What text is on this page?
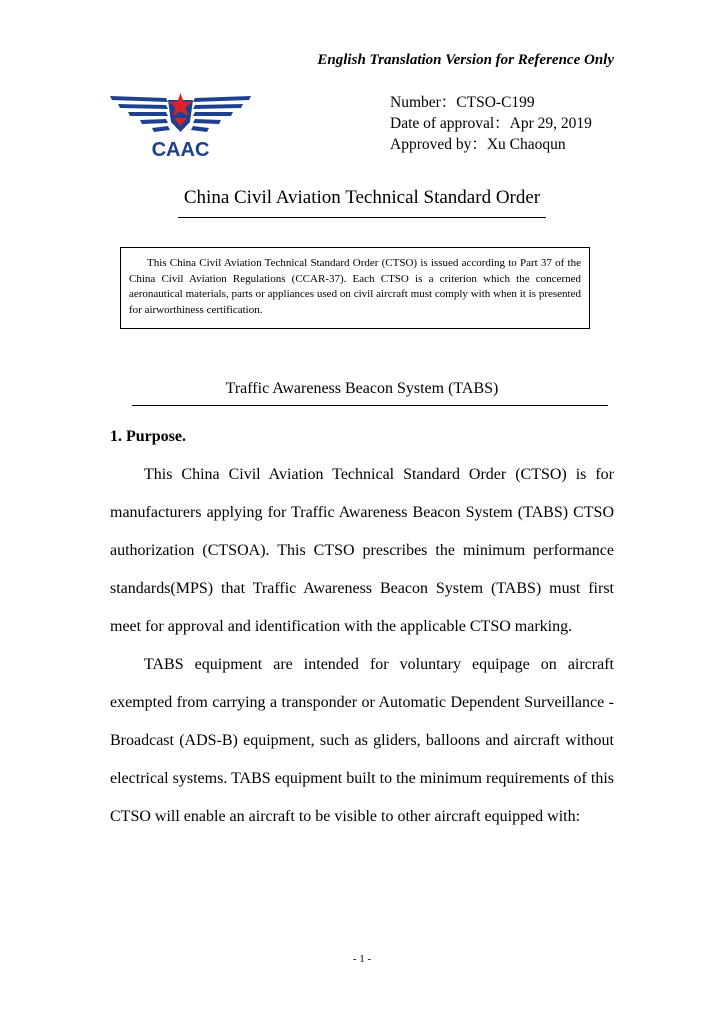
English Translation Version for Reference Only
CAAC
Number：CTSO-C199
Date of approval：Apr 29, 2019
Approved by：Xu Chaoqun
China Civil Aviation Technical Standard Order

This China Civil Aviation Technical Standard Order (CTSO) is issued according to Part 37 of the China Civil Aviation Regulations (CCAR-37). Each CTSO is a criterion which the concerned aeronautical materials, parts or appliances used on civil aircraft must comply with when it is presented for airworthiness certification.

Traffic Awareness Beacon System (TABS)
1. Purpose.

This China Civil Aviation Technical Standard Order (CTSO) is for manufacturers applying for Traffic Awareness Beacon System (TABS) CTSO authorization (CTSOA). This CTSO prescribes the minimum performance standards(MPS) that Traffic Awareness Beacon System (TABS) must first meet for approval and identification with the applicable CTSO marking.

TABS equipment are intended for voluntary equipage on aircraft exempted from carrying a transponder or Automatic Dependent Surveillance - Broadcast (ADS-B) equipment, such as gliders, balloons and aircraft without electrical systems. TABS equipment built to the minimum requirements of this CTSO will enable an aircraft to be visible to other aircraft equipped with:

- 1 -
